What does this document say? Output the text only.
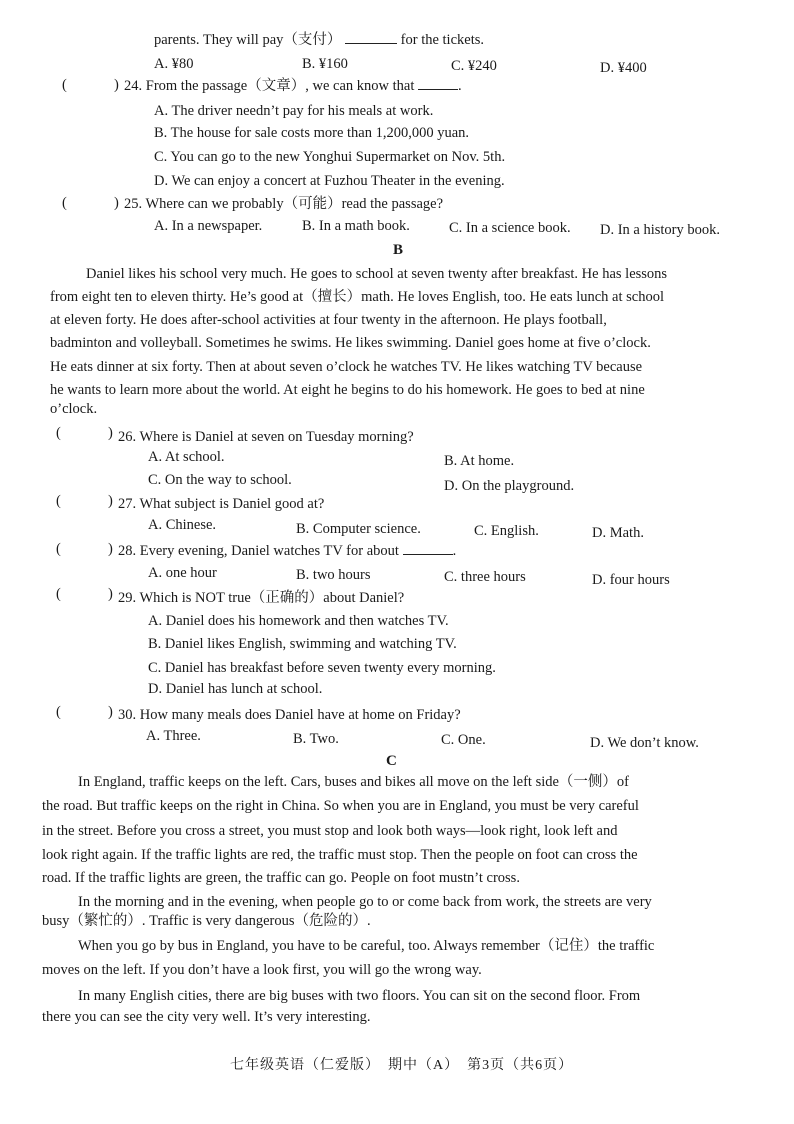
parents. They will pay（支付）	for the tickets.
A. ¥80	B. ¥160	C. ¥240	D. ¥400
(	) 24. From the passage（文章）, we can know that	.
A. The driver needn’t pay for his meals at work.
B. The house for sale costs more than 1,200,000 yuan.
C. You can go to the new Yonghui Supermarket on Nov. 5th.
D. We can enjoy a concert at Fuzhou Theater in the evening.
(	) 25. Where can we probably（可能）read the passage?
A. In a newspaper.	B. In a math book.	C. In a science book. D. In a history book.
B
Daniel likes his school very much. He goes to school at seven twenty after breakfast. He has lessons
from eight ten to eleven thirty. He’s good at（擅长）math. He loves English, too. He eats lunch at school
at eleven forty. He does after-school activities at four twenty in the afternoon. He plays football,
badminton and volleyball. Sometimes he swims. He likes swimming. Daniel goes home at five o’clock.
He eats dinner at six forty. Then at about seven o’clock he watches TV. He likes watching TV because
he wants to learn more about the world. At eight he begins to do his homework. He goes to bed at nine
o’clock.
(	) 26. Where is Daniel at seven on Tuesday morning?
A. At school.	B. At home.
C. On the way to school.	D. On the playground.
(	) 27. What subject is Daniel good at?
A. Chinese.	B. Computer science.	C. English.	D. Math.
(	) 28. Every evening, Daniel watches TV for about	.
A. one hour	B. two hours	C. three hours	D. four hours
(	) 29. Which is NOT true（正确的）about Daniel?
A. Daniel does his homework and then watches TV.
B. Daniel likes English, swimming and watching TV.
C. Daniel has breakfast before seven twenty every morning.
D. Daniel has lunch at school.
(	) 30. How many meals does Daniel have at home on Friday?
A. Three.	B. Two.	C. One.	D. We don’t know.
C
In England, traffic keeps on the left. Cars, buses and bikes all move on the left side（一侧）of
the road. But traffic keeps on the right in China. So when you are in England, you must be very careful
in the street. Before you cross a street, you must stop and look both ways—look right, look left and
look right again. If the traffic lights are red, the traffic must stop. Then the people on foot can cross the
road. If the traffic lights are green, the traffic can go. People on foot mustn’t cross.
In the morning and in the evening, when people go to or come back from work, the streets are very
busy（繁忙的）. Traffic is very dangerous（危险的）.
When you go by bus in England, you have to be careful, too. Always remember（记住）the traffic
moves on the left. If you don’t have a look first, you will go the wrong way.
In many English cities, there are big buses with two floors. You can sit on the second floor. From
there you can see the city very well. It’s very interesting.
七年级英语（仁爱版）　期中（A）　第3页（共6页）
